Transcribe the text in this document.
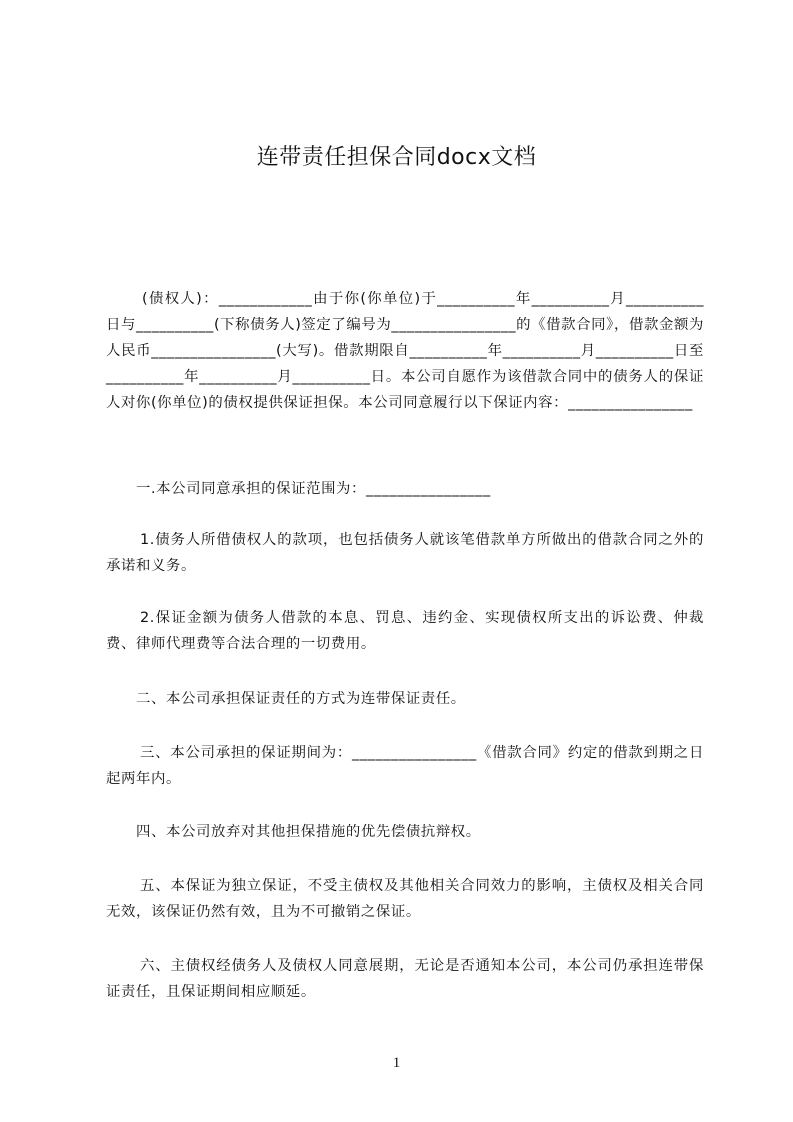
连带责任担保合同docx文档
(债权人)：____________由于你(你单位)于__________年__________月__________日与__________(下称债务人)签定了编号为________________的《借款合同》，借款金额为人民币________________(大写)。借款期限自__________年__________月__________日至__________年__________月__________日。本公司自愿作为该借款合同中的债务人的保证人对你(你单位)的债权提供保证担保。本公司同意履行以下保证内容：________________
一.本公司同意承担的保证范围为：________________
1.债务人所借债权人的款项，也包括债务人就该笔借款单方所做出的借款合同之外的承诺和义务。
2.保证金额为债务人借款的本息、罚息、违约金、实现债权所支出的诉讼费、仲裁费、律师代理费等合法合理的一切费用。
二、本公司承担保证责任的方式为连带保证责任。
三、本公司承担的保证期间为：________________《借款合同》约定的借款到期之日起两年内。
四、本公司放弃对其他担保措施的优先偿债抗辩权。
五、本保证为独立保证，不受主债权及其他相关合同效力的影响，主债权及相关合同无效，该保证仍然有效，且为不可撤销之保证。
六、主债权经债务人及债权人同意展期，无论是否通知本公司，本公司仍承担连带保证责任，且保证期间相应顺延。
1
